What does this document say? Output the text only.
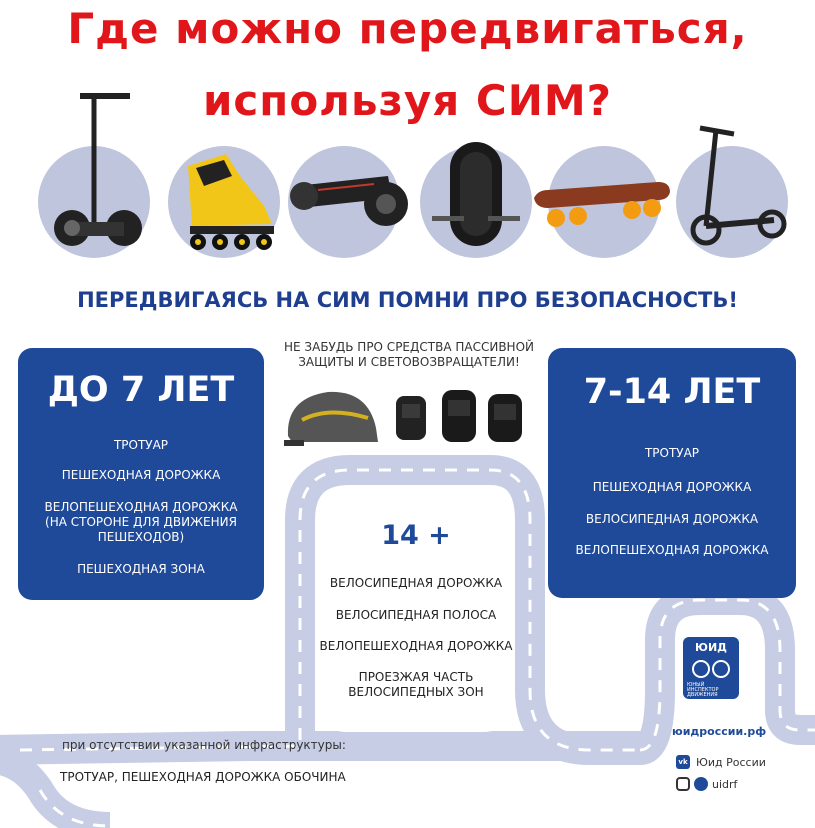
Где можно передвигаться,
используя СИМ?
ПЕРЕДВИГАЯСЬ НА СИМ ПОМНИ ПРО БЕЗОПАСНОСТЬ!
ДО 7 ЛЕТ
ТРОТУАР
ПЕШЕХОДНАЯ ДОРОЖКА
ВЕЛОПЕШЕХОДНАЯ ДОРОЖКА
(НА СТОРОНЕ ДЛЯ ДВИЖЕНИЯ
ПЕШЕХОДОВ)
ПЕШЕХОДНАЯ ЗОНА
7-14 ЛЕТ
ТРОТУАР
ПЕШЕХОДНАЯ ДОРОЖКА
ВЕЛОСИПЕДНАЯ ДОРОЖКА
ВЕЛОПЕШЕХОДНАЯ ДОРОЖКА
НЕ ЗАБУДЬ ПРО СРЕДСТВА ПАССИВНОЙ
ЗАЩИТЫ И СВЕТОВОЗВРАЩАТЕЛИ!
14 +
ВЕЛОСИПЕДНАЯ ДОРОЖКА
ВЕЛОСИПЕДНАЯ ПОЛОСА
ВЕЛОПЕШЕХОДНАЯ ДОРОЖКА
ПРОЕЗЖАЯ ЧАСТЬ
ВЕЛОСИПЕДНЫХ ЗОН
ЮИД
ЮНЫЙ ИНСПЕКТОР ДВИЖЕНИЯ
юидроссии.рф
vk Юид России
uidrf
при отсутствии указанной инфраструктуры:
ТРОТУАР, ПЕШЕХОДНАЯ ДОРОЖКА ОБОЧИНА
